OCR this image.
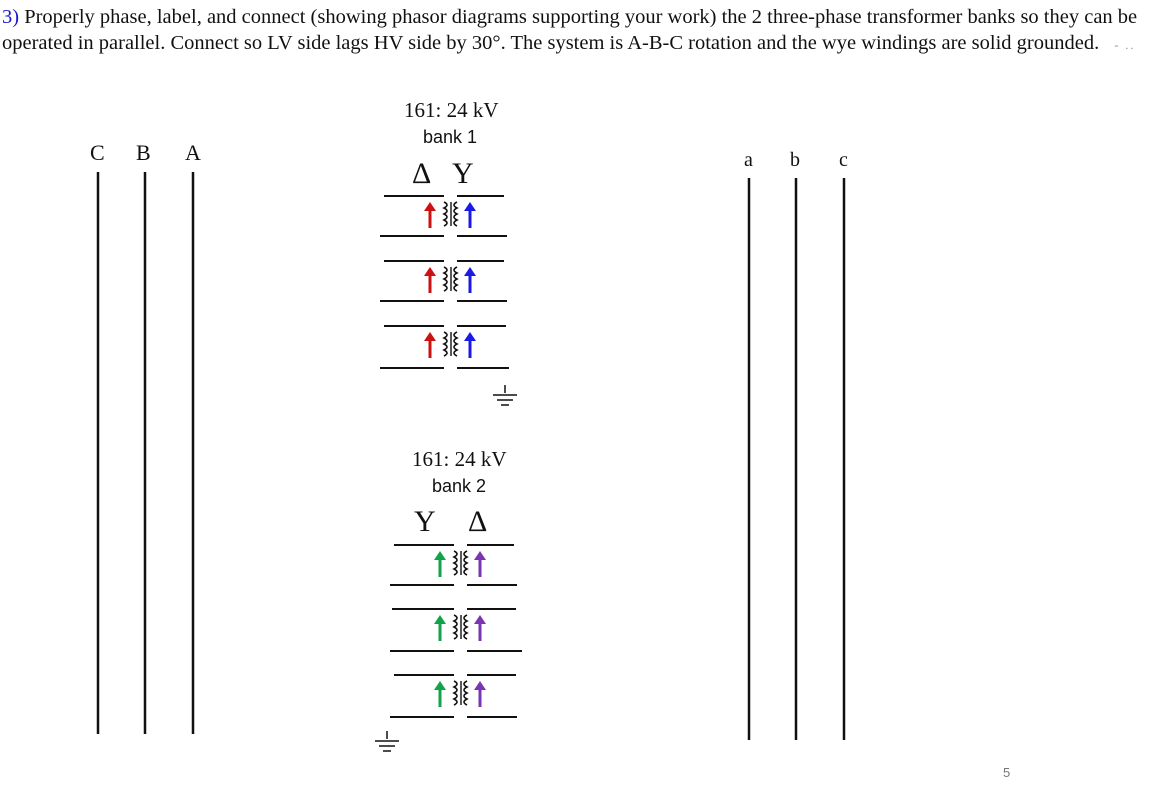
3) Properly phase, label, and connect (showing phasor diagrams supporting your work) the 2 three-phase transformer banks so they can be operated in parallel. Connect so LV side lags HV side by 30°. The system is A-B-C rotation and the wye windings are solid grounded. - ..
C B A	a b c
161: 24 kV
bank 1
Δ Y
161: 24 kV
bank 2
Y Δ
5
